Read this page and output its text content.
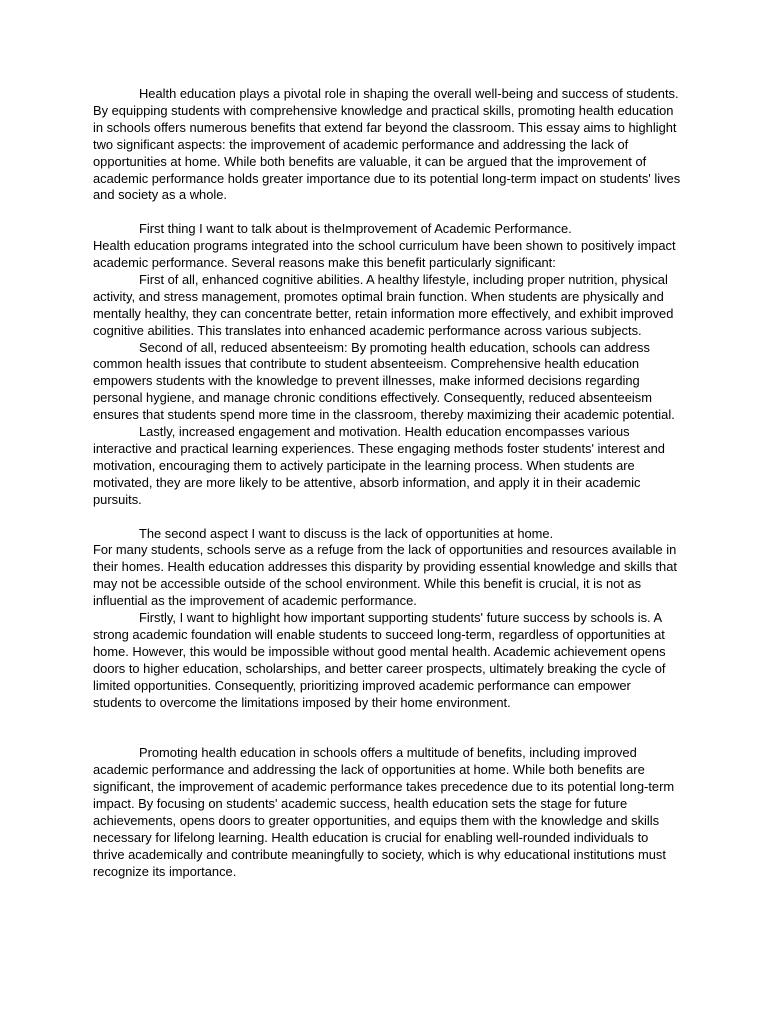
Health education plays a pivotal role in shaping the overall well-being and success of students. By equipping students with comprehensive knowledge and practical skills, promoting health education in schools offers numerous benefits that extend far beyond the classroom. This essay aims to highlight two significant aspects: the improvement of academic performance and addressing the lack of opportunities at home. While both benefits are valuable, it can be argued that the improvement of academic performance holds greater importance due to its potential long-term impact on students' lives and society as a whole.

First thing I want to talk about is theImprovement of Academic Performance.

Health education programs integrated into the school curriculum have been shown to positively impact academic performance. Several reasons make this benefit particularly significant:

First of all, enhanced cognitive abilities. A healthy lifestyle, including proper nutrition, physical activity, and stress management, promotes optimal brain function. When students are physically and mentally healthy, they can concentrate better, retain information more effectively, and exhibit improved cognitive abilities. This translates into enhanced academic performance across various subjects.

Second of all, reduced absenteeism: By promoting health education, schools can address common health issues that contribute to student absenteeism. Comprehensive health education empowers students with the knowledge to prevent illnesses, make informed decisions regarding personal hygiene, and manage chronic conditions effectively. Consequently, reduced absenteeism ensures that students spend more time in the classroom, thereby maximizing their academic potential.

Lastly, increased engagement and motivation. Health education encompasses various interactive and practical learning experiences. These engaging methods foster students' interest and motivation, encouraging them to actively participate in the learning process. When students are motivated, they are more likely to be attentive, absorb information, and apply it in their academic pursuits.

The second aspect I want to discuss is the lack of opportunities at home.

For many students, schools serve as a refuge from the lack of opportunities and resources available in their homes. Health education addresses this disparity by providing essential knowledge and skills that may not be accessible outside of the school environment. While this benefit is crucial, it is not as influential as the improvement of academic performance.

Firstly, I want to highlight how important supporting students' future success by schools is. A strong academic foundation will enable students to succeed long-term, regardless of opportunities at home. However, this would be impossible without good mental health. Academic achievement opens doors to higher education, scholarships, and better career prospects, ultimately breaking the cycle of limited opportunities. Consequently, prioritizing improved academic performance can empower students to overcome the limitations imposed by their home environment.

Promoting health education in schools offers a multitude of benefits, including improved academic performance and addressing the lack of opportunities at home. While both benefits are significant, the improvement of academic performance takes precedence due to its potential long-term impact. By focusing on students' academic success, health education sets the stage for future achievements, opens doors to greater opportunities, and equips them with the knowledge and skills necessary for lifelong learning. Health education is crucial for enabling well-rounded individuals to thrive academically and contribute meaningfully to society, which is why educational institutions must recognize its importance.
